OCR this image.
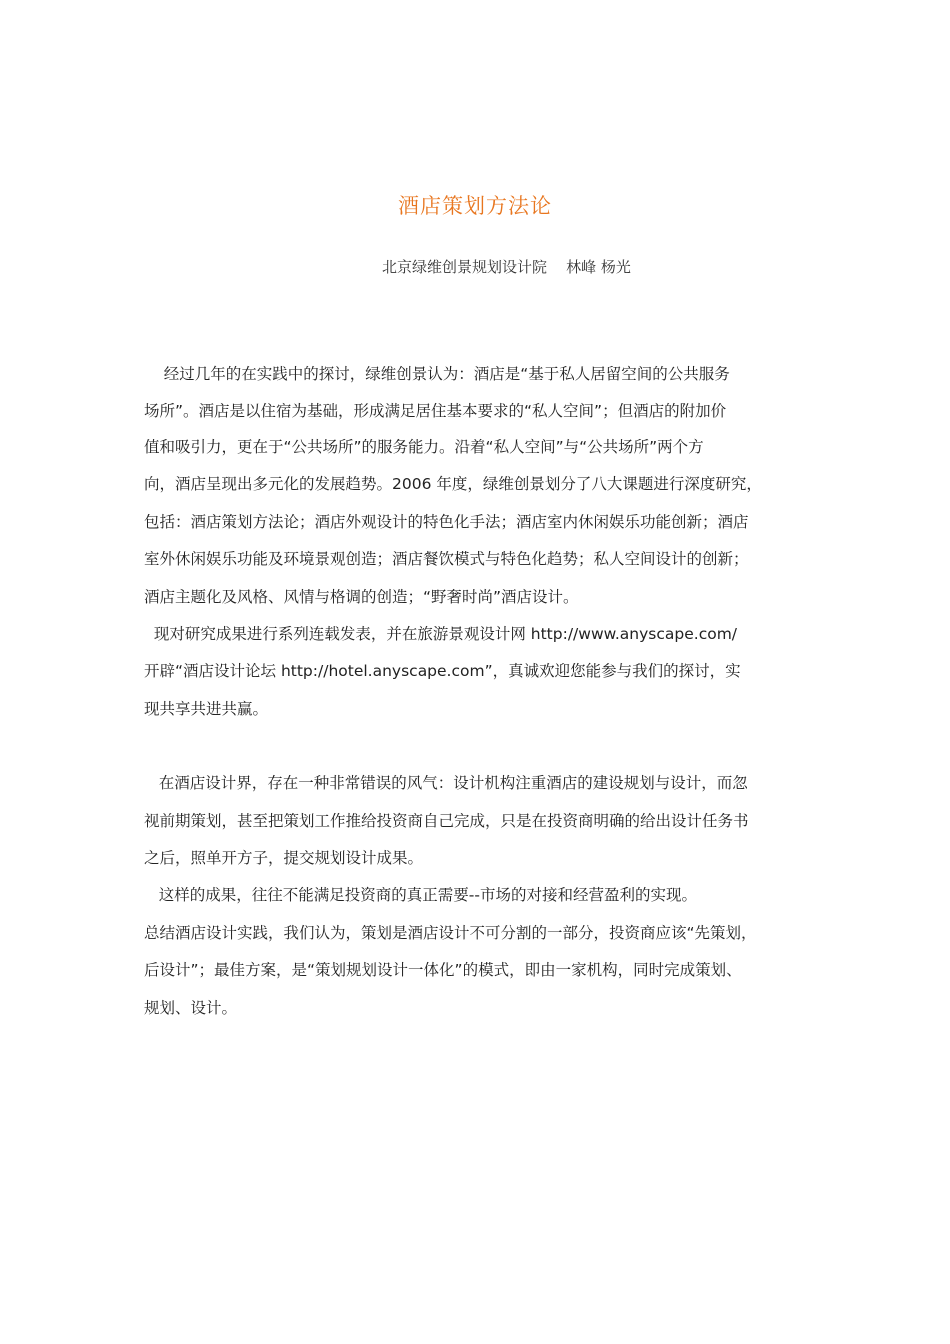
酒店策划方法论

北京绿维创景规划设计院    林峰 杨光

经过几年的在实践中的探讨，绿维创景认为：酒店是“基于私人居留空间的公共服务

场所”。酒店是以住宿为基础，形成满足居住基本要求的“私人空间”；但酒店的附加价

值和吸引力，更在于“公共场所”的服务能力。沿着“私人空间”与“公共场所”两个方

向，酒店呈现出多元化的发展趋势。2006 年度，绿维创景划分了八大课题进行深度研究，

包括：酒店策划方法论；酒店外观设计的特色化手法；酒店室内休闲娱乐功能创新；酒店

室外休闲娱乐功能及环境景观创造；酒店餐饮模式与特色化趋势；私人空间设计的创新；

酒店主题化及风格、风情与格调的创造；“野奢时尚”酒店设计。

现对研究成果进行系列连载发表，并在旅游景观设计网 http://www.anyscape.com/

开辟“酒店设计论坛 http://hotel.anyscape.com”，真诚欢迎您能参与我们的探讨，实

现共享共进共赢。

在酒店设计界，存在一种非常错误的风气：设计机构注重酒店的建设规划与设计，而忽

视前期策划，甚至把策划工作推给投资商自己完成，只是在投资商明确的给出设计任务书

之后，照单开方子，提交规划设计成果。

这样的成果，往往不能满足投资商的真正需要--市场的对接和经营盈利的实现。

总结酒店设计实践，我们认为，策划是酒店设计不可分割的一部分，投资商应该“先策划，

后设计”；最佳方案，是“策划规划设计一体化”的模式，即由一家机构，同时完成策划、

规划、设计。
